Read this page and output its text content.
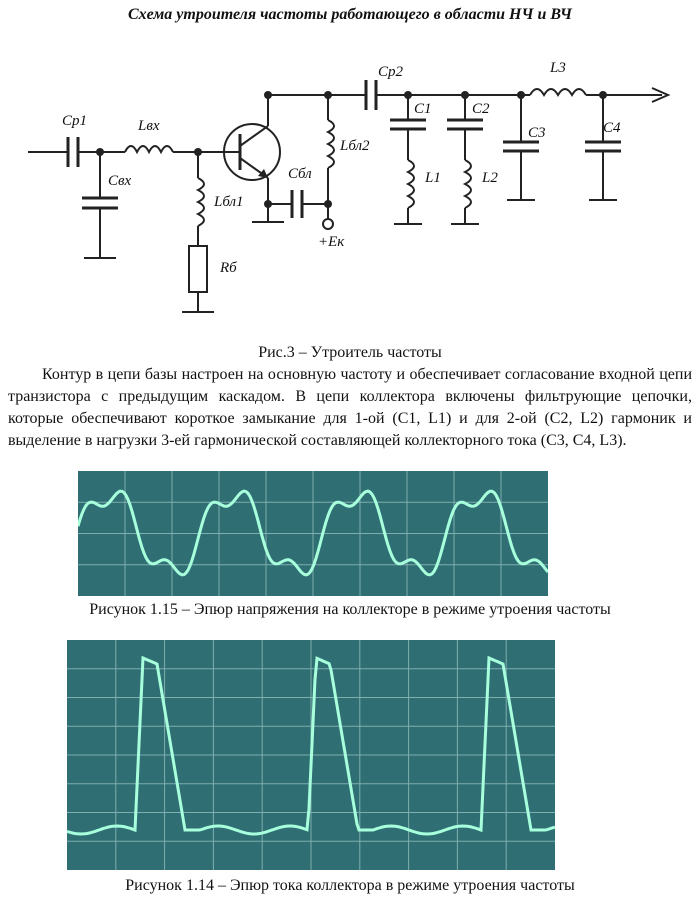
Схема утроителя частоты работающего в области НЧ и ВЧ
Cp1	Lвх
Cвх
Lбл1
Rб
Cбл
Lбл2
+Eк
Cp2
C1
L1
C2
L2
C3
L3
C4
Рис.3 – Утроитель частоты

Контур в цепи базы настроен на основную частоту и обеспечивает согласование входной цепи транзистора с предыдущим каскадом. В цепи коллектора включены фильтрующие цепочки, которые обеспечивают короткое замыкание для 1-ой (C1, L1) и для 2-ой (C2, L2) гармоник и выделение в нагрузки 3-ей гармонической составляющей коллекторного тока (C3, C4, L3).

Рисунок 1.15 – Эпюр напряжения на коллекторе в режиме утроения частоты
Рисунок 1.14 – Эпюр тока коллектора в режиме утроения частоты
